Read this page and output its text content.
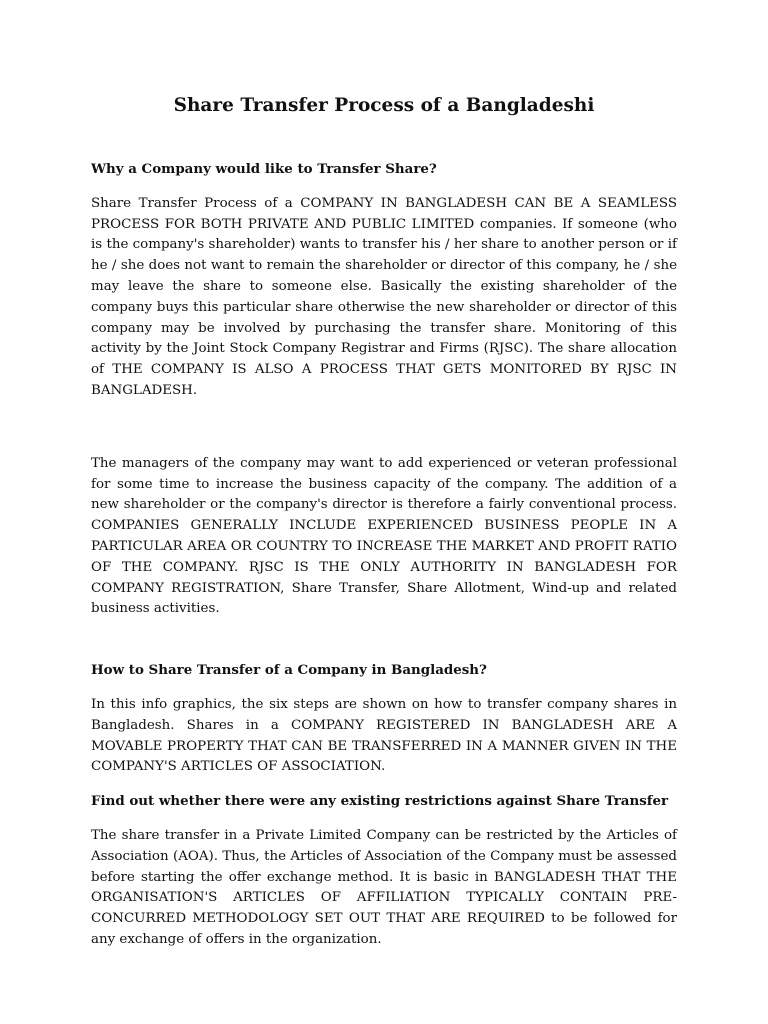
Share Transfer Process of a Bangladeshi
Why a Company would like to Transfer Share?

Share Transfer Process of a COMPANY IN BANGLADESH CAN BE A SEAMLESS PROCESS FOR BOTH PRIVATE AND PUBLIC LIMITED companies. If someone (who is the company's shareholder) wants to transfer his / her share to another person or if he / she does not want to remain the shareholder or director of this company, he / she may leave the share to someone else. Basically the existing shareholder of the company buys this particular share otherwise the new shareholder or director of this company may be involved by purchasing the transfer share. Monitoring of this activity by the Joint Stock Company Registrar and Firms (RJSC). The share allocation of THE COMPANY IS ALSO A PROCESS THAT GETS MONITORED BY RJSC IN BANGLADESH.

The managers of the company may want to add experienced or veteran professional for some time to increase the business capacity of the company. The addition of a new shareholder or the company's director is therefore a fairly conventional process. COMPANIES GENERALLY INCLUDE EXPERIENCED BUSINESS PEOPLE IN A PARTICULAR AREA OR COUNTRY TO INCREASE THE MARKET AND PROFIT RATIO OF THE COMPANY. RJSC IS THE ONLY AUTHORITY IN BANGLADESH FOR COMPANY REGISTRATION, Share Transfer, Share Allotment, Wind-up and related business activities.

How to Share Transfer of a Company in Bangladesh?

In this info graphics, the six steps are shown on how to transfer company shares in Bangladesh. Shares in a COMPANY REGISTERED IN BANGLADESH ARE A MOVABLE PROPERTY THAT CAN BE TRANSFERRED IN A MANNER GIVEN IN THE COMPANY'S ARTICLES OF ASSOCIATION.

Find out whether there were any existing restrictions against Share Transfer

The share transfer in a Private Limited Company can be restricted by the Articles of Association (AOA). Thus, the Articles of Association of the Company must be assessed before starting the offer exchange method. It is basic in BANGLADESH THAT THE ORGANISATION'S ARTICLES OF AFFILIATION TYPICALLY CONTAIN PRE-CONCURRED METHODOLOGY SET OUT THAT ARE REQUIRED to be followed for any exchange of offers in the organization.
